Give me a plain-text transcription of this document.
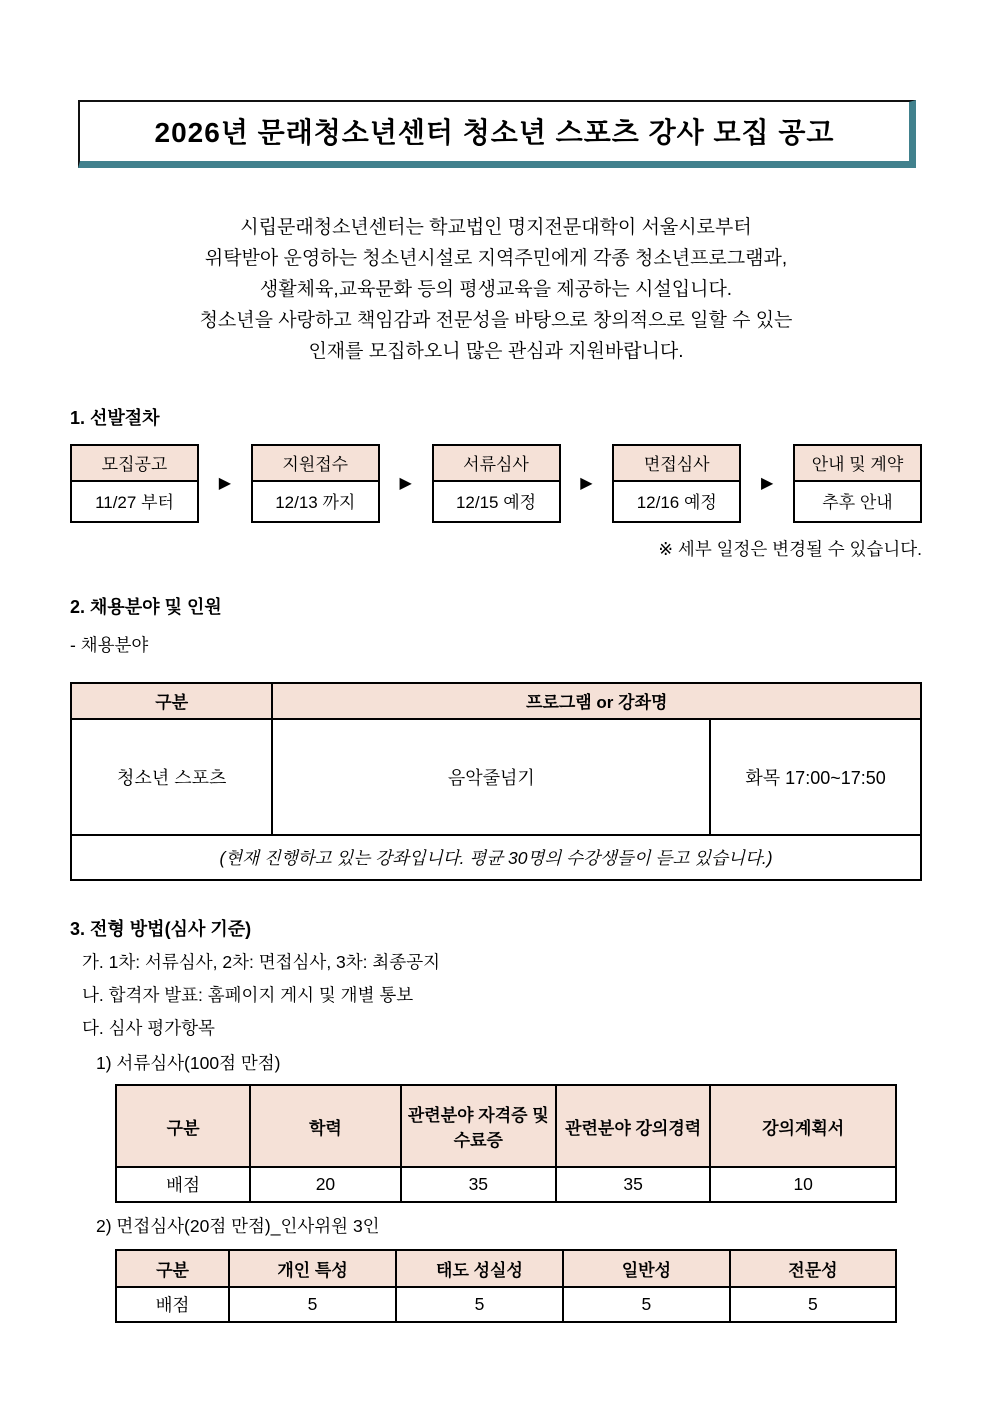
2026년 문래청소년센터 청소년 스포츠 강사 모집 공고
시립문래청소년센터는 학교법인 명지전문대학이 서울시로부터
위탁받아 운영하는 청소년시설로 지역주민에게 각종 청소년프로그램과,
생활체육,교육문화 등의 평생교육을 제공하는 시설입니다.
청소년을 사랑하고 책임감과 전문성을 바탕으로 창의적으로 일할 수 있는
인재를 모집하오니 많은 관심과 지원바랍니다.
1. 선발절차
모집공고
11/27 부터
▶
지원접수
12/13 까지
▶
서류심사
12/15 예정
▶
면접심사
12/16 예정
▶
안내 및 계약
추후 안내
※ 세부 일정은 변경될 수 있습니다.
2. 채용분야 및 인원
- 채용분야
구분	프로그램 or 강좌명	
청소년 스포츠	음악줄넘기	화목 17:00~17:50
(현재 진행하고 있는 강좌입니다. 평균 30명의 수강생들이 듣고 있습니다.)		
3. 전형 방법(심사 기준)
가. 1차: 서류심사, 2차: 면접심사, 3차: 최종공지
나. 합격자 발표: 홈페이지 게시 및 개별 통보
다. 심사 평가항목
1) 서류심사(100점 만점)
구분	학력	관련분야 자격증 및 수료증	관련분야 강의경력	강의계획서
배점	20	35	35	10
2) 면접심사(20점 만점)_인사위원 3인
구분	개인 특성	태도 성실성	일반성	전문성
배점	5	5	5	5
